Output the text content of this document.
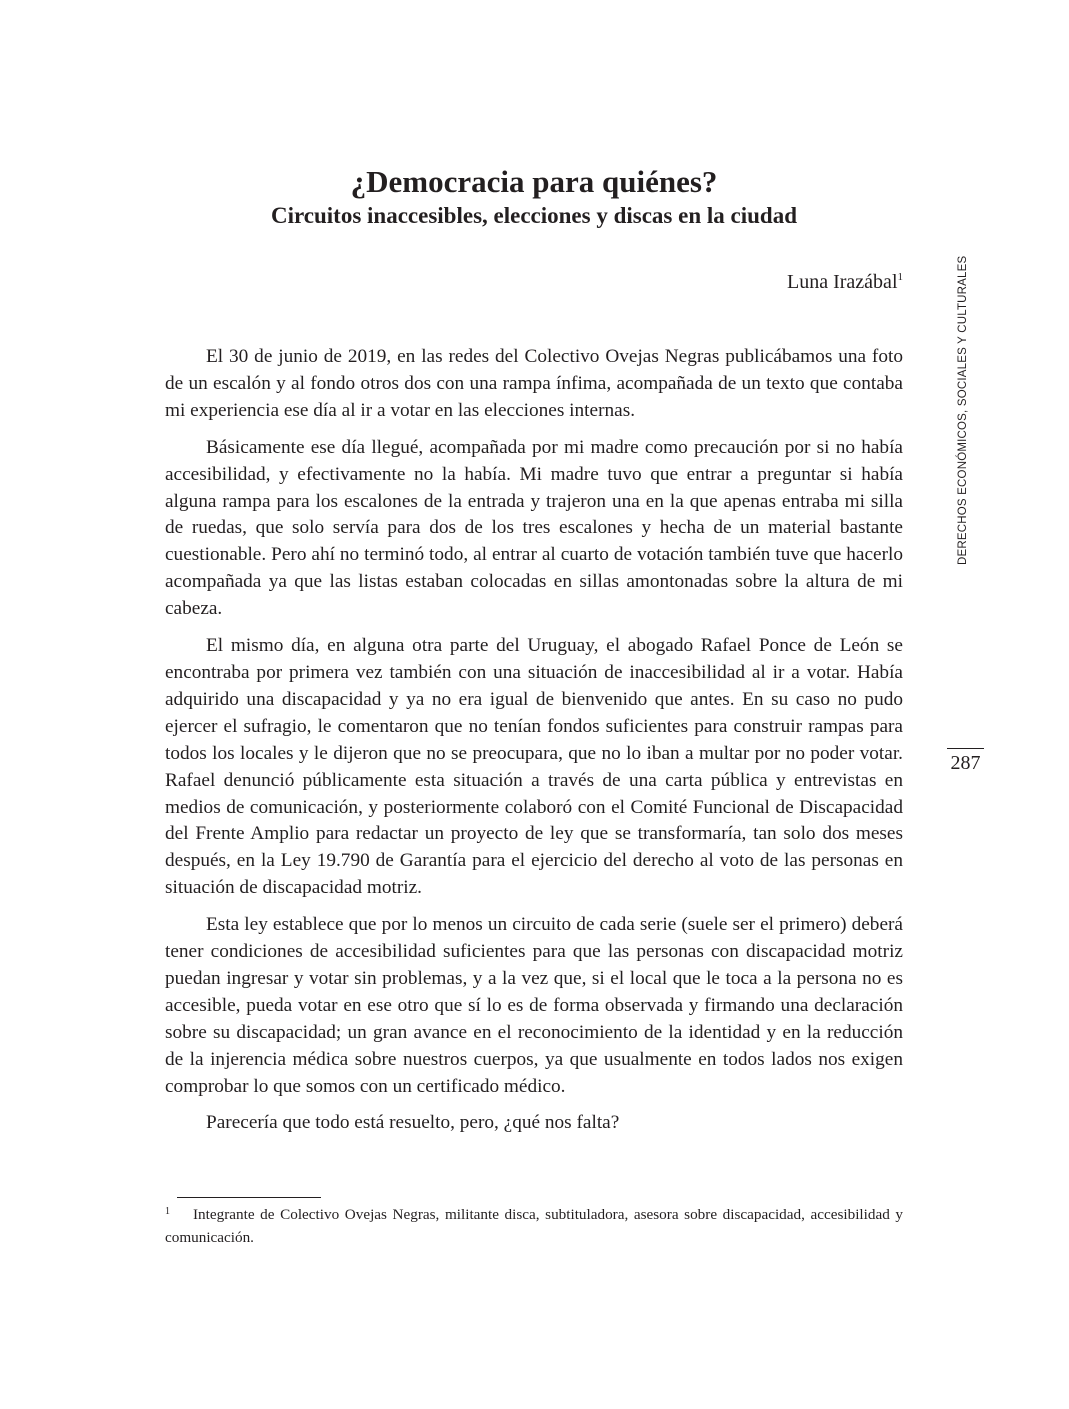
¿Democracia para quiénes?
Circuitos inaccesibles, elecciones y discas en la ciudad
Luna Irazábal$^1$

El 30 de junio de 2019, en las redes del Colectivo Ovejas Negras publicábamos una foto de un escalón y al fondo otros dos con una rampa ínfima, acompañada de un texto que contaba mi experiencia ese día al ir a votar en las elecciones internas.

Básicamente ese día llegué, acompañada por mi madre como precaución por si no había accesibilidad, y efectivamente no la había. Mi madre tuvo que entrar a preguntar si había alguna rampa para los escalones de la entrada y trajeron una en la que apenas entraba mi silla de ruedas, que solo servía para dos de los tres escalones y hecha de un material bastante cuestionable. Pero ahí no terminó todo, al entrar al cuarto de votación también tuve que hacerlo acompañada ya que las listas estaban colocadas en sillas amontonadas sobre la altura de mi cabeza.

El mismo día, en alguna otra parte del Uruguay, el abogado Rafael Ponce de León se encontraba por primera vez también con una situación de inaccesibilidad al ir a votar. Había adquirido una discapacidad y ya no era igual de bienvenido que antes. En su caso no pudo ejercer el sufragio, le comentaron que no tenían fondos suficientes para construir rampas para todos los locales y le dijeron que no se preocupara, que no lo iban a multar por no poder votar. Rafael denunció públicamente esta situación a través de una carta pública y entrevistas en medios de comunicación, y posteriormente colaboró con el Comité Funcional de Discapacidad del Frente Amplio para redactar un proyecto de ley que se transformaría, tan solo dos meses después, en la Ley 19.790 de Garantía para el ejercicio del derecho al voto de las personas en situación de discapacidad motriz.

Esta ley establece que por lo menos un circuito de cada serie (suele ser el primero) deberá tener condiciones de accesibilidad suficientes para que las personas con discapacidad motriz puedan ingresar y votar sin problemas, y a la vez que, si el local que le toca a la persona no es accesible, pueda votar en ese otro que sí lo es de forma observada y firmando una declaración sobre su discapacidad; un gran avance en el reconocimiento de la identidad y en la reducción de la injerencia médica sobre nuestros cuerpos, ya que usualmente en todos lados nos exigen comprobar lo que somos con un certificado médico.

Parecería que todo está resuelto, pero, ¿qué nos falta?

DERECHOS ECONÓMICOS, SOCIALES Y CULTURALES
287
1 Integrante de Colectivo Ovejas Negras, militante disca, subtituladora, asesora sobre discapacidad, accesibilidad y comunicación.
